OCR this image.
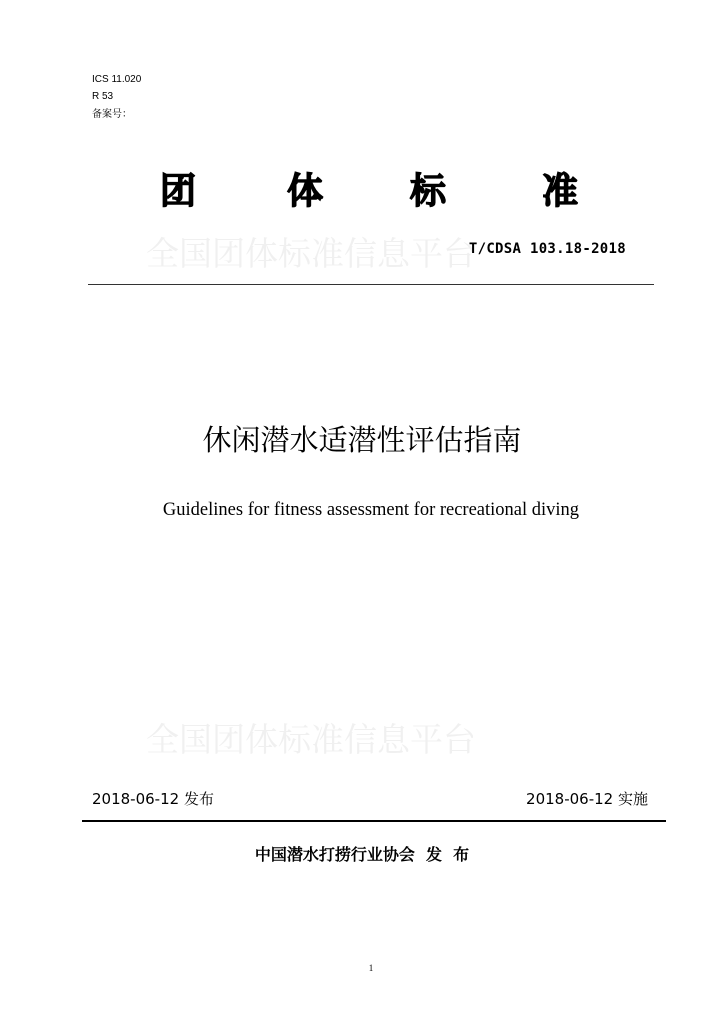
ICS 11.020
R 53
备案号：
全国团体标准信息平台
全国团体标准信息平台
团	体 标	准
T/CDSA 103.18-2018
休闲潜水适潜性评估指南
Guidelines for fitness assessment for recreational diving
2018-06-12 发布	2018-06-12 实施
中国潜水打捞行业协会  发  布
1
